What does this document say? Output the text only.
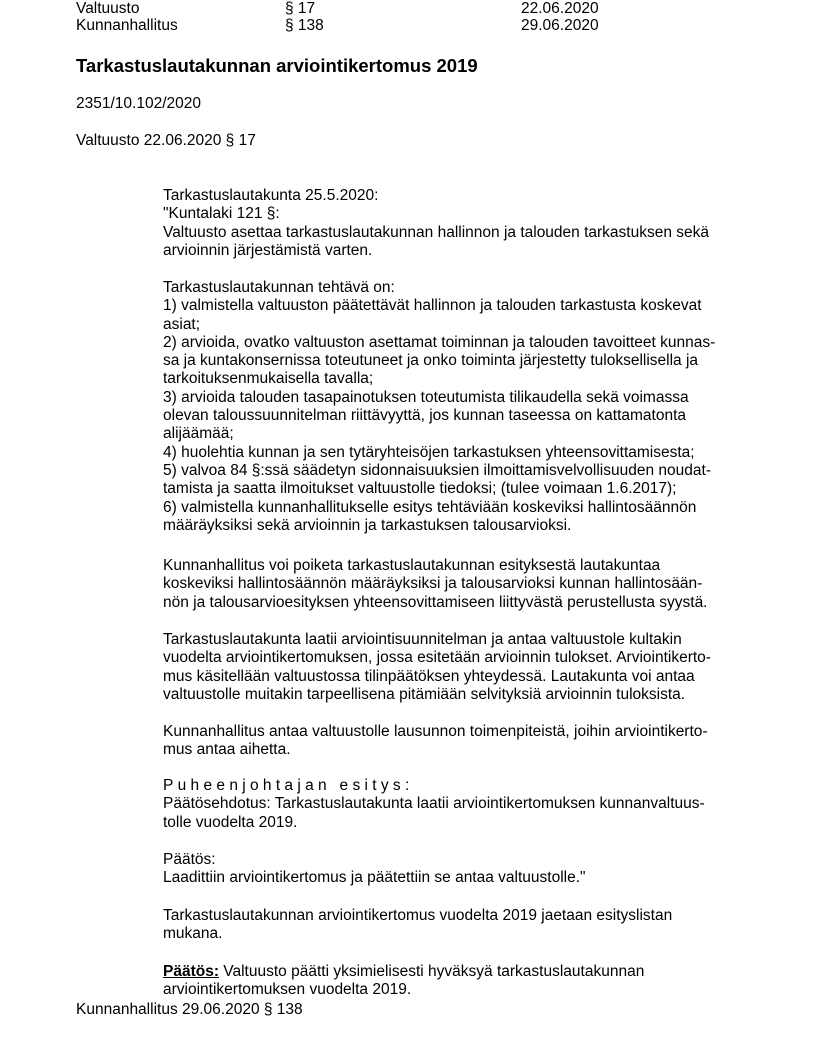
Valtuusto	§ 17	22.06.2020
Kunnanhallitus	§ 138	29.06.2020
Tarkastuslautakunnan arviointikertomus 2019
2351/10.102/2020
Valtuusto 22.06.2020 § 17
Tarkastuslautakunta 25.5.2020:
"Kuntalaki 121 §:
Valtuusto asettaa tarkastuslautakunnan hallinnon ja talouden tarkastuksen sekä
arvioinnin järjestämistä varten.
Tarkastuslautakunnan tehtävä on:
1) valmistella valtuuston päätettävät hallinnon ja talouden tarkastusta koskevat
asiat;
2) arvioida, ovatko valtuuston asettamat toiminnan ja talouden tavoitteet kunnas-
sa ja kuntakonsernissa toteutuneet ja onko toiminta järjestetty tuloksellisella ja
tarkoituksenmukaisella tavalla;
3) arvioida talouden tasapainotuksen toteutumista tilikaudella sekä voimassa
olevan taloussuunnitelman riittävyyttä, jos kunnan taseessa on kattamatonta
alijäämää;
4) huolehtia kunnan ja sen tytäryhteisöjen tarkastuksen yhteensovittamisesta;
5) valvoa 84 §:ssä säädetyn sidonnaisuuksien ilmoittamisvelvollisuuden noudat-
tamista ja saatta ilmoitukset valtuustolle tiedoksi; (tulee voimaan 1.6.2017);
6) valmistella kunnanhallitukselle esitys tehtäviään koskeviksi hallintosäännön
määräyksiksi sekä arvioinnin ja tarkastuksen talousarvioksi.
Kunnanhallitus voi poiketa tarkastuslautakunnan esityksestä lautakuntaa
koskeviksi hallintosäännön määräyksiksi ja talousarvioksi kunnan hallintosään-
nön ja talousarvioesityksen yhteensovittamiseen liittyvästä perustellusta syystä.
Tarkastuslautakunta laatii arviointisuunnitelman ja antaa valtuustole kultakin
vuodelta arviointikertomuksen, jossa esitetään arvioinnin tulokset. Arviointikerto-
mus käsitellään valtuustossa tilinpäätöksen yhteydessä. Lautakunta voi antaa
valtuustolle muitakin tarpeellisena pitämiään selvityksiä arvioinnin tuloksista.
Kunnanhallitus antaa valtuustolle lausunnon toimenpiteistä, joihin arviointikerto-
mus antaa aihetta.
Puheenjohtajan esitys:
Päätösehdotus: Tarkastuslautakunta laatii arviointikertomuksen kunnanvaltuus-
tolle vuodelta 2019.
Päätös:
Laadittiin arviointikertomus ja päätettiin se antaa valtuustolle."
Tarkastuslautakunnan arviointikertomus vuodelta 2019 jaetaan esityslistan
mukana.
Päätös: Valtuusto päätti yksimielisesti hyväksyä tarkastuslautakunnan
arviointikertomuksen vuodelta 2019.
Kunnanhallitus 29.06.2020 § 138
